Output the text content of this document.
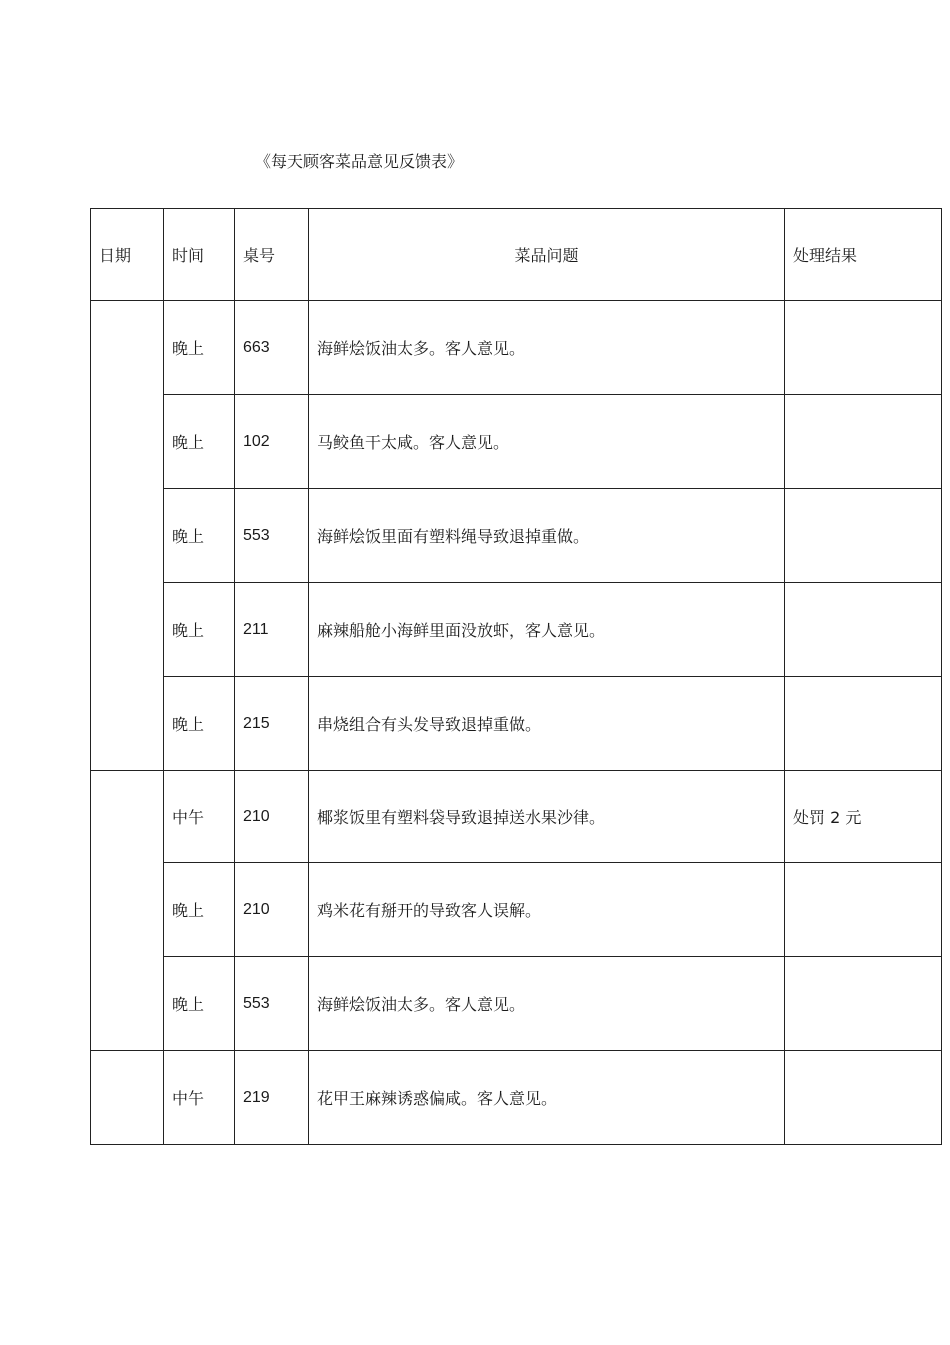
《每天顾客菜品意见反馈表》
日期	时间	桌号	菜品问题	处理结果
	晚上	663	海鲜烩饭油太多。客人意见。	
	晚上	102	马鲛鱼干太咸。客人意见。	
	晚上	553	海鲜烩饭里面有塑料绳导致退掉重做。	
	晚上	211	麻辣船舱小海鲜里面没放虾，客人意见。	
	晚上	215	串烧组合有头发导致退掉重做。	
	中午	210	椰浆饭里有塑料袋导致退掉送水果沙律。	处罚 2 元
	晚上	210	鸡米花有掰开的导致客人误解。	
	晚上	553	海鲜烩饭油太多。客人意见。	
	中午	219	花甲王麻辣诱惑偏咸。客人意见。	
